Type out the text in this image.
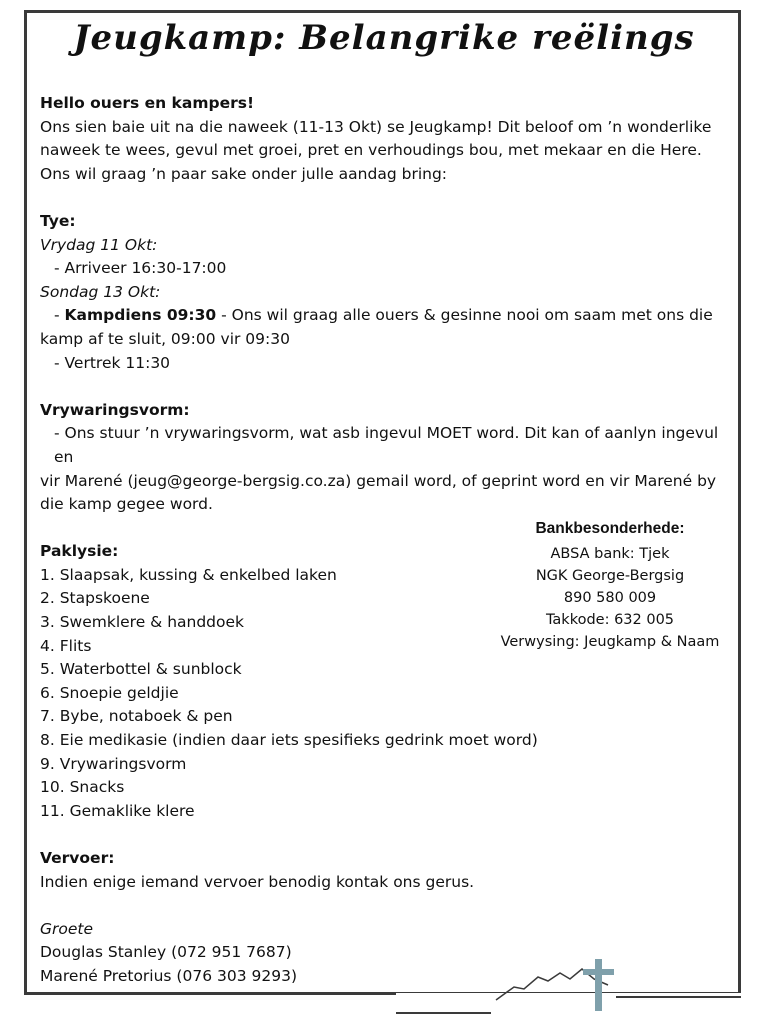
Jeugkamp: Belangrike reëlings

Hello ouers en kampers!

Ons sien baie uit na die naweek (11-13 Okt) se Jeugkamp! Dit beloof om ’n wonderlike

naweek te wees, gevul met groei, pret en verhoudings bou, met mekaar en die Here.

Ons wil graag ’n paar sake onder julle aandag bring:

Tye:

Vrydag 11 Okt:

- Arriveer 16:30-17:00

Sondag 13 Okt:

- Kampdiens 09:30 - Ons wil graag alle ouers & gesinne nooi om saam met ons die

kamp af te sluit, 09:00 vir 09:30

- Vertrek 11:30

Vrywaringsvorm:

- Ons stuur ’n vrywaringsvorm, wat asb ingevul MOET word. Dit kan of aanlyn ingevul en

vir Marené (jeug@george-bergsig.co.za) gemail word, of geprint word en vir Marené by

die kamp gegee word.

Paklysie:

1. Slaapsak, kussing & enkelbed laken

2. Stapskoene

3. Swemklere & handdoek

4. Flits

5. Waterbottel & sunblock

6. Snoepie geldjie

7. Bybe, notaboek & pen

8. Eie medikasie (indien daar iets spesifieks gedrink moet word)

9. Vrywaringsvorm

10. Snacks

11. Gemaklike klere

Vervoer:

Indien enige iemand vervoer benodig kontak ons gerus.

Groete

Douglas Stanley (072 951 7687)

Marené Pretorius (076 303 9293)

Bankbesonderhede:
ABSA bank: Tjek
NGK George-Bergsig
890 580 009
Takkode: 632 005
Verwysing: Jeugkamp & Naam
